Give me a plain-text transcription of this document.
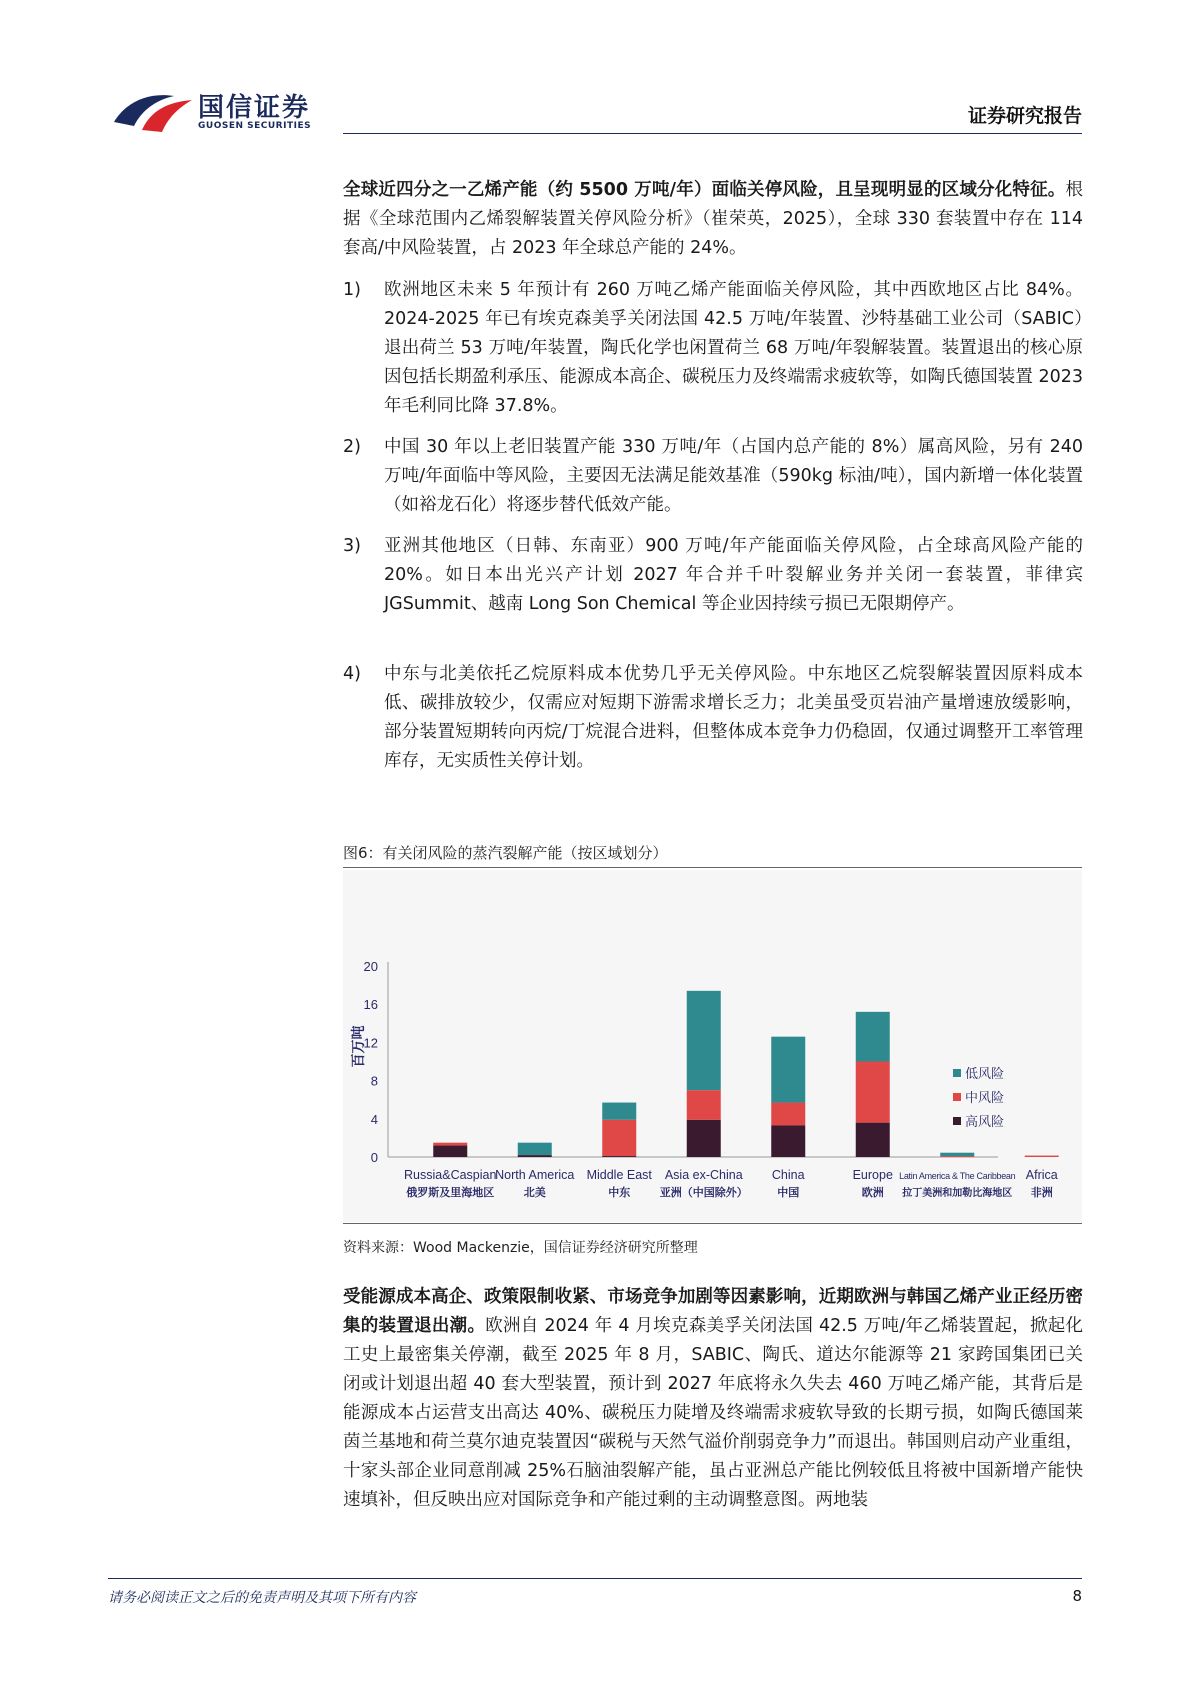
国信证券
GUOSEN SECURITIES	证券研究报告

全球近四分之一乙烯产能（约 5500 万吨/年）面临关停风险，且呈现明显的区域分化特征。根据《全球范围内乙烯裂解装置关停风险分析》（崔荣英，2025），全球 330 套装置中存在 114 套高/中风险装置，占 2023 年全球总产能的 24%。

1)	欧洲地区未来 5 年预计有 260 万吨乙烯产能面临关停风险，其中西欧地区占比 84%。2024-2025 年已有埃克森美孚关闭法国 42.5 万吨/年装置、沙特基础工业公司（SABIC）退出荷兰 53 万吨/年装置，陶氏化学也闲置荷兰 68 万吨/年裂解装置。装置退出的核心原因包括长期盈利承压、能源成本高企、碳税压力及终端需求疲软等，如陶氏德国装置 2023 年毛利同比降 37.8%。
2)	中国 30 年以上老旧装置产能 330 万吨/年（占国内总产能的 8%）属高风险，另有 240 万吨/年面临中等风险，主要因无法满足能效基准（590kg 标油/吨），国内新增一体化装置（如裕龙石化）将逐步替代低效产能。
3)	亚洲其他地区（日韩、东南亚）900 万吨/年产能面临关停风险，占全球高风险产能的 20%。如日本出光兴产计划 2027 年合并千叶裂解业务并关闭一套装置，菲律宾 JGSummit、越南 Long Son Chemical 等企业因持续亏损已无限期停产。
4)	中东与北美依托乙烷原料成本优势几乎无关停风险。中东地区乙烷裂解装置因原料成本低、碳排放较少，仅需应对短期下游需求增长乏力；北美虽受页岩油产量增速放缓影响，部分装置短期转向丙烷/丁烷混合进料，但整体成本竞争力仍稳固，仅通过调整开工率管理库存，无实质性关停计划。
图6：有关闭风险的蒸汽裂解产能（按区域划分）
0
4
8
12
16
20
百万吨
Russia&Caspian
俄罗斯及里海地区
North America
北美
Middle East
中东
Asia ex-China
亚洲（中国除外）
China
中国
Europe
欧洲
Latin America & The Caribbean
拉丁美洲和加勒比海地区
Africa
非洲
低风险
中风险
高风险
资料来源：Wood Mackenzie，国信证券经济研究所整理

受能源成本高企、政策限制收紧、市场竞争加剧等因素影响，近期欧洲与韩国乙烯产业正经历密集的装置退出潮。欧洲自 2024 年 4 月埃克森美孚关闭法国 42.5 万吨/年乙烯装置起，掀起化工史上最密集关停潮，截至 2025 年 8 月，SABIC、陶氏、道达尔能源等 21 家跨国集团已关闭或计划退出超 40 套大型装置，预计到 2027 年底将永久失去 460 万吨乙烯产能，其背后是能源成本占运营支出高达 40%、碳税压力陡增及终端需求疲软导致的长期亏损，如陶氏德国莱茵兰基地和荷兰莫尔迪克装置因“碳税与天然气溢价削弱竞争力”而退出。韩国则启动产业重组，十家头部企业同意削减 25%石脑油裂解产能，虽占亚洲总产能比例较低且将被中国新增产能快速填补，但反映出应对国际竞争和产能过剩的主动调整意图。两地装

请务必阅读正文之后的免责声明及其项下所有内容	8
